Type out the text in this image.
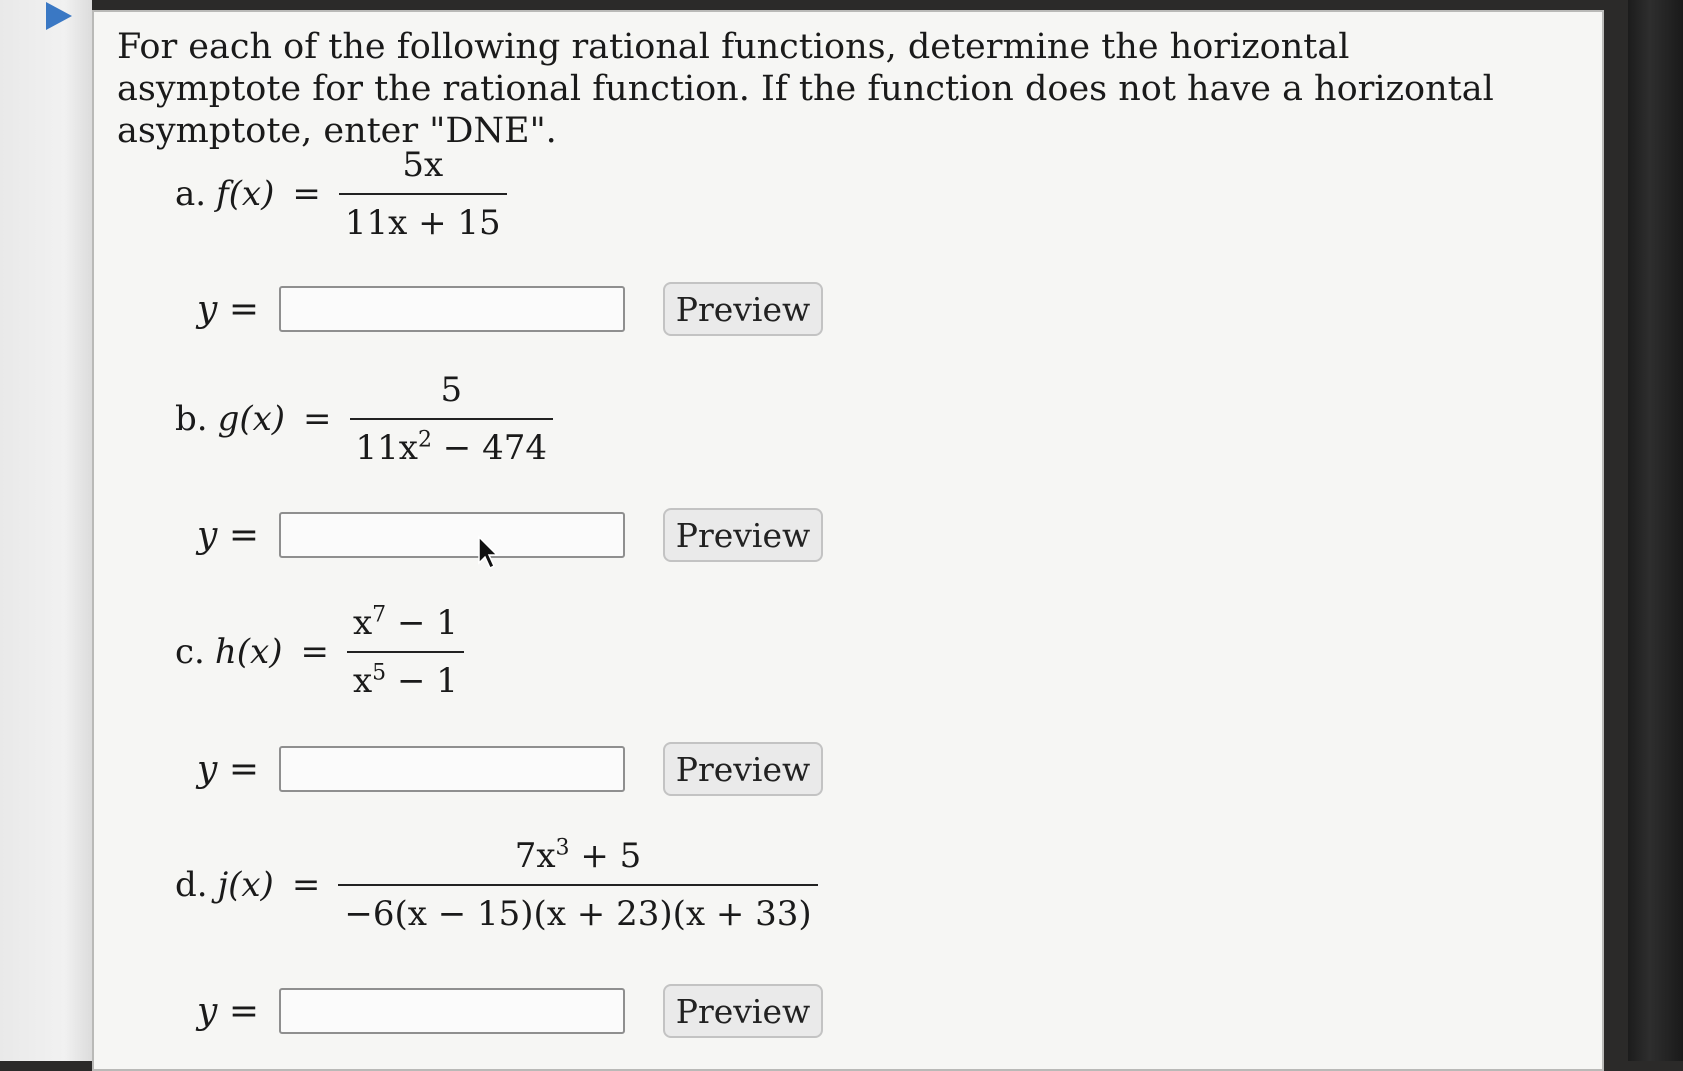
For each of the following rational functions, determine the horizontal asymptote for the rational function. If the function does not have a horizontal asymptote, enter "DNE".

a. $f(x) = \frac{5x}{11x + 15}$
y =	Preview
b. $g(x) = \frac{5}{11x^2 - 474}$
y =	Preview
c. $h(x) = \frac{x^7 - 1}{x^5 - 1}$
y =	Preview
d. $j(x) = \frac{7x^3 + 5}{-6(x - 15)(x + 23)(x + 33)}$
y =	Preview
